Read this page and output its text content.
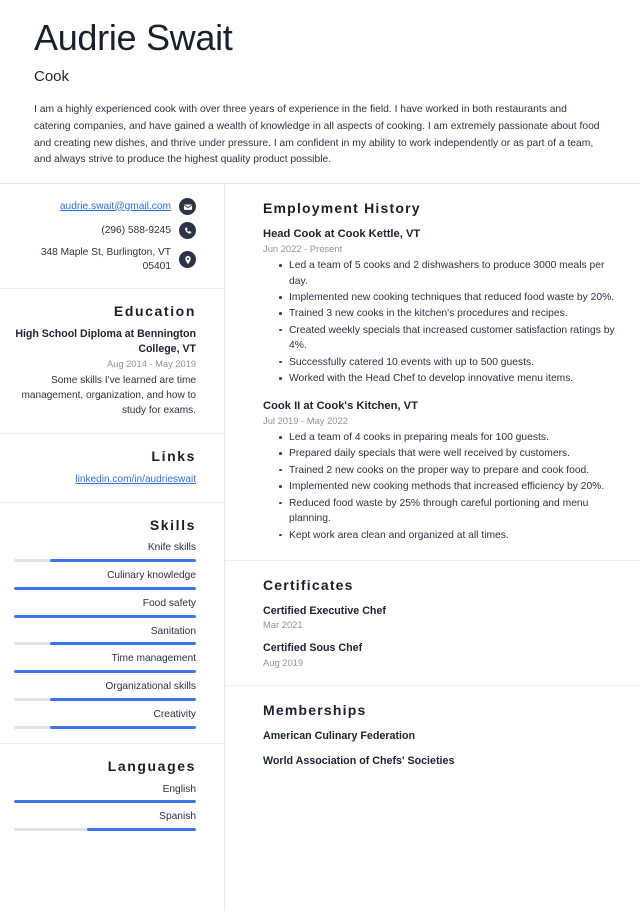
Audrie Swait
Cook

I am a highly experienced cook with over three years of experience in the field. I have worked in both restaurants and catering companies, and have gained a wealth of knowledge in all aspects of cooking. I am extremely passionate about food and creating new dishes, and thrive under pressure. I am confident in my ability to work independently or as part of a team, and always strive to produce the highest quality product possible.

audrie.swait@gmail.com
(296) 588-9245
348 Maple St, Burlington, VT 05401
Education

High School Diploma at Bennington College, VT

Aug 2014 - May 2019

Some skills I've learned are time management, organization, and how to study for exams.

Links
linkedin.com/in/audrieswait
Skills
Knife skills
Culinary knowledge
Food safety
Sanitation
Time management
Organizational skills
Creativity
Languages
English
Spanish
Employment History

Head Cook at Cook Kettle, VT

Jun 2022 - Present

Led a team of 5 cooks and 2 dishwashers to produce 3000 meals per day.
Implemented new cooking techniques that reduced food waste by 20%.
Trained 3 new cooks in the kitchen's procedures and recipes.
Created weekly specials that increased customer satisfaction ratings by 4%.
Successfully catered 10 events with up to 500 guests.
Worked with the Head Chef to develop innovative menu items.

Cook II at Cook's Kitchen, VT

Jul 2019 - May 2022

Led a team of 4 cooks in preparing meals for 100 guests.
Prepared daily specials that were well received by customers.
Trained 2 new cooks on the proper way to prepare and cook food.
Implemented new cooking methods that increased efficiency by 20%.
Reduced food waste by 25% through careful portioning and menu planning.
Kept work area clean and organized at all times.
Certificates

Certified Executive Chef

Mar 2021

Certified Sous Chef

Aug 2019

Memberships

American Culinary Federation

World Association of Chefs' Societies
